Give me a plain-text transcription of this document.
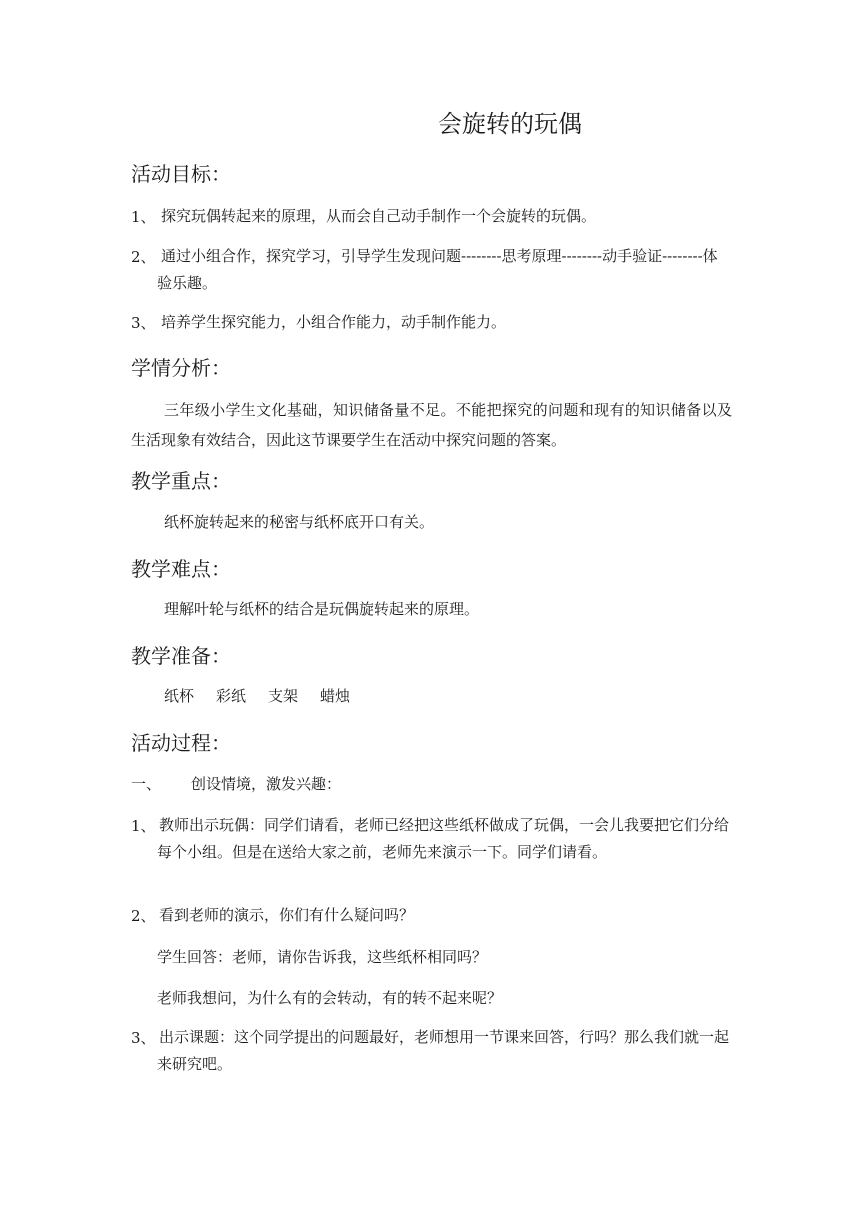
会旋转的玩偶
活动目标：
1、 探究玩偶转起来的原理，从而会自己动手制作一个会旋转的玩偶。

2、 通过小组合作，探究学习，引导学生发现问题--------思考原理--------动手验证--------体验乐趣。

3、 培养学生探究能力，小组合作能力，动手制作能力。

学情分析：

三年级小学生文化基础，知识储备量不足。不能把探究的问题和现有的知识储备以及生活现象有效结合，因此这节课要学生在活动中探究问题的答案。

教学重点：

纸杯旋转起来的秘密与纸杯底开口有关。

教学难点：

理解叶轮与纸杯的结合是玩偶旋转起来的原理。

教学准备：

纸杯 彩纸 支架 蜡烛

活动过程：
一、 创设情境，激发兴趣：

1、 教师出示玩偶：同学们请看，老师已经把这些纸杯做成了玩偶，一会儿我要把它们分给每个小组。但是在送给大家之前，老师先来演示一下。同学们请看。

2、 看到老师的演示，你们有什么疑问吗？

学生回答：老师，请你告诉我，这些纸杯相同吗？

老师我想问，为什么有的会转动，有的转不起来呢？

3、 出示课题：这个同学提出的问题最好，老师想用一节课来回答，行吗？那么我们就一起来研究吧。
